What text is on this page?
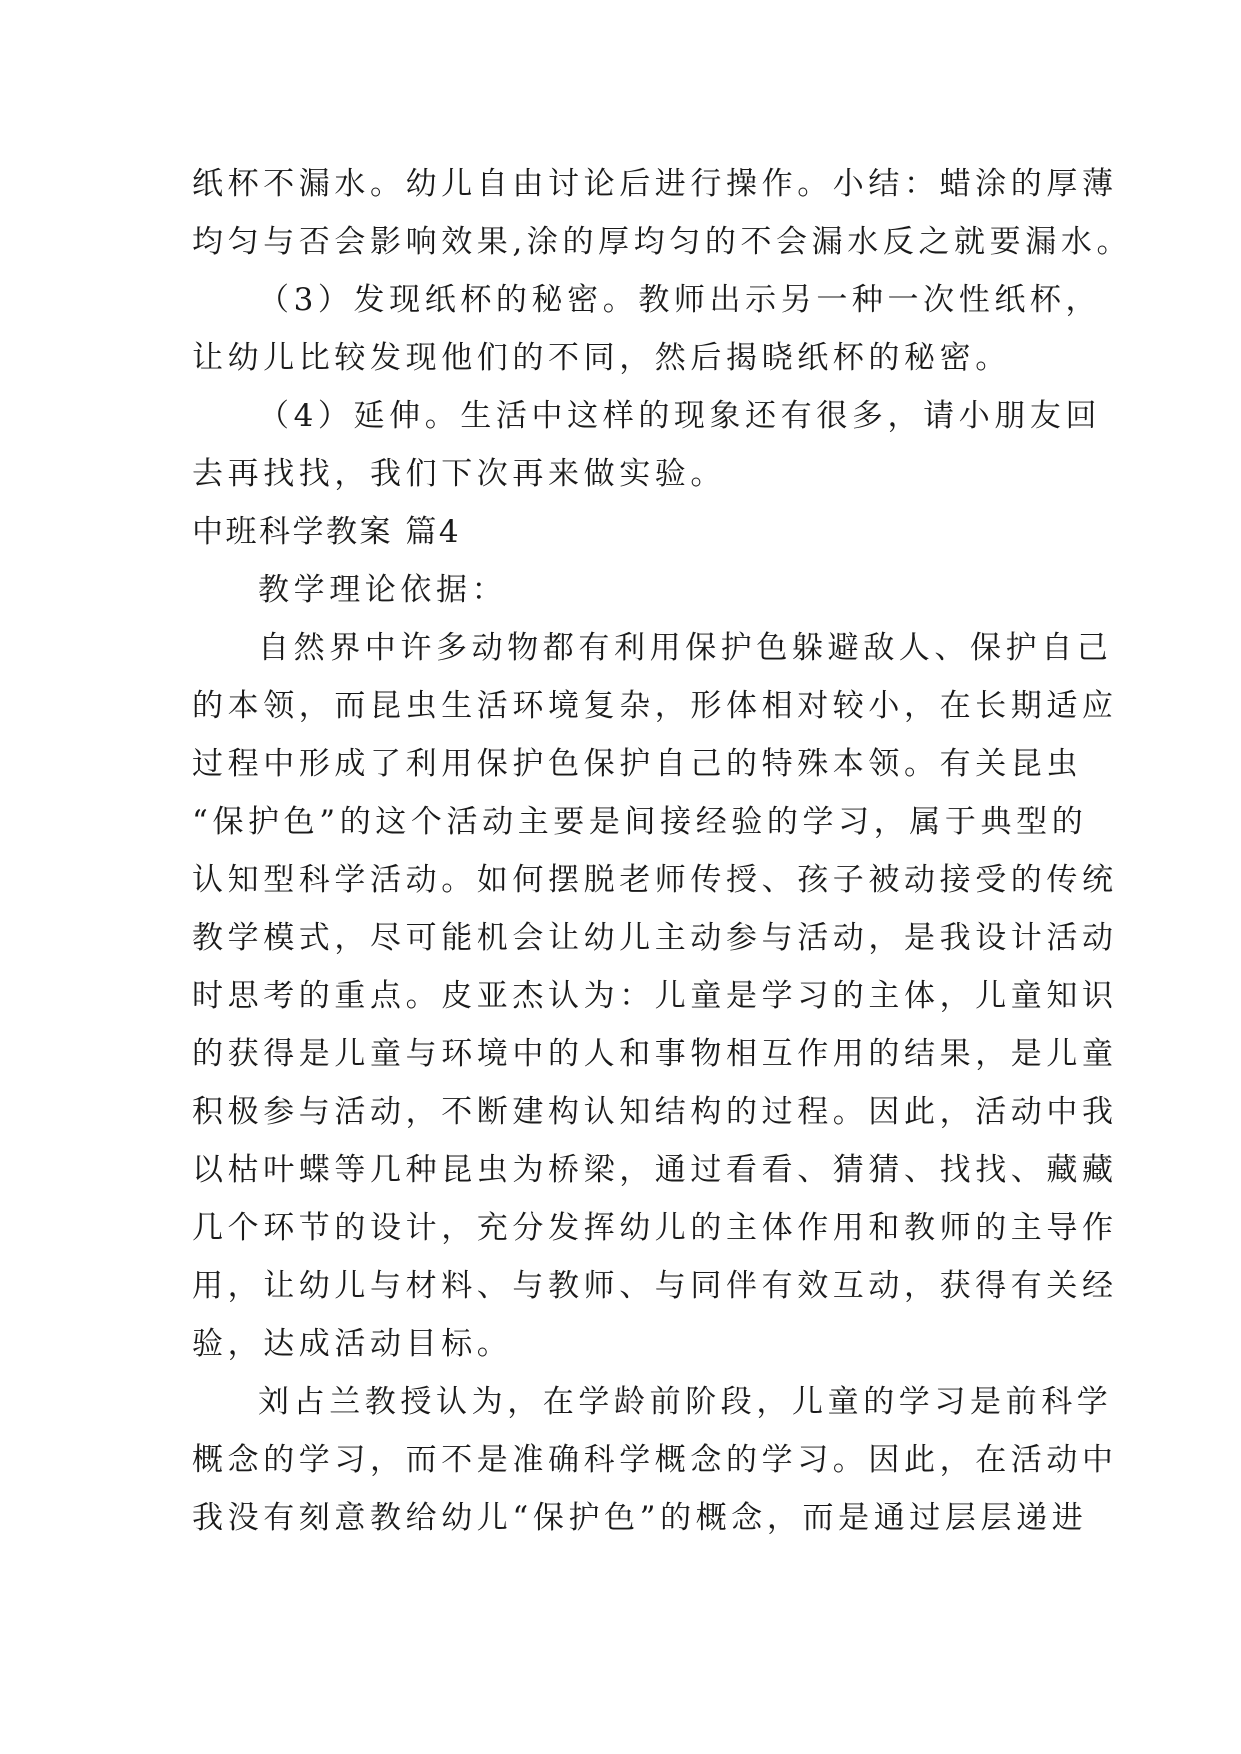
纸杯不漏水。幼儿自由讨论后进行操作。小结：蜡涂的厚薄
均匀与否会影响效果,涂的厚均匀的不会漏水反之就要漏水。
（3）发现纸杯的秘密。教师出示另一种一次性纸杯，
让幼儿比较发现他们的不同，然后揭晓纸杯的秘密。
（4）延伸。生活中这样的现象还有很多，请小朋友回
去再找找，我们下次再来做实验。
中班科学教案 篇4
教学理论依据：
自然界中许多动物都有利用保护色躲避敌人、保护自己
的本领，而昆虫生活环境复杂，形体相对较小，在长期适应
过程中形成了利用保护色保护自己的特殊本领。有关昆虫
“保护色”的这个活动主要是间接经验的学习，属于典型的
认知型科学活动。如何摆脱老师传授、孩子被动接受的传统
教学模式，尽可能机会让幼儿主动参与活动，是我设计活动
时思考的重点。皮亚杰认为：儿童是学习的主体，儿童知识
的获得是儿童与环境中的人和事物相互作用的结果，是儿童
积极参与活动，不断建构认知结构的过程。因此，活动中我
以枯叶蝶等几种昆虫为桥梁，通过看看、猜猜、找找、藏藏
几个环节的设计，充分发挥幼儿的主体作用和教师的主导作
用，让幼儿与材料、与教师、与同伴有效互动，获得有关经
验，达成活动目标。
刘占兰教授认为，在学龄前阶段，儿童的学习是前科学
概念的学习，而不是准确科学概念的学习。因此，在活动中
我没有刻意教给幼儿“保护色”的概念，而是通过层层递进
